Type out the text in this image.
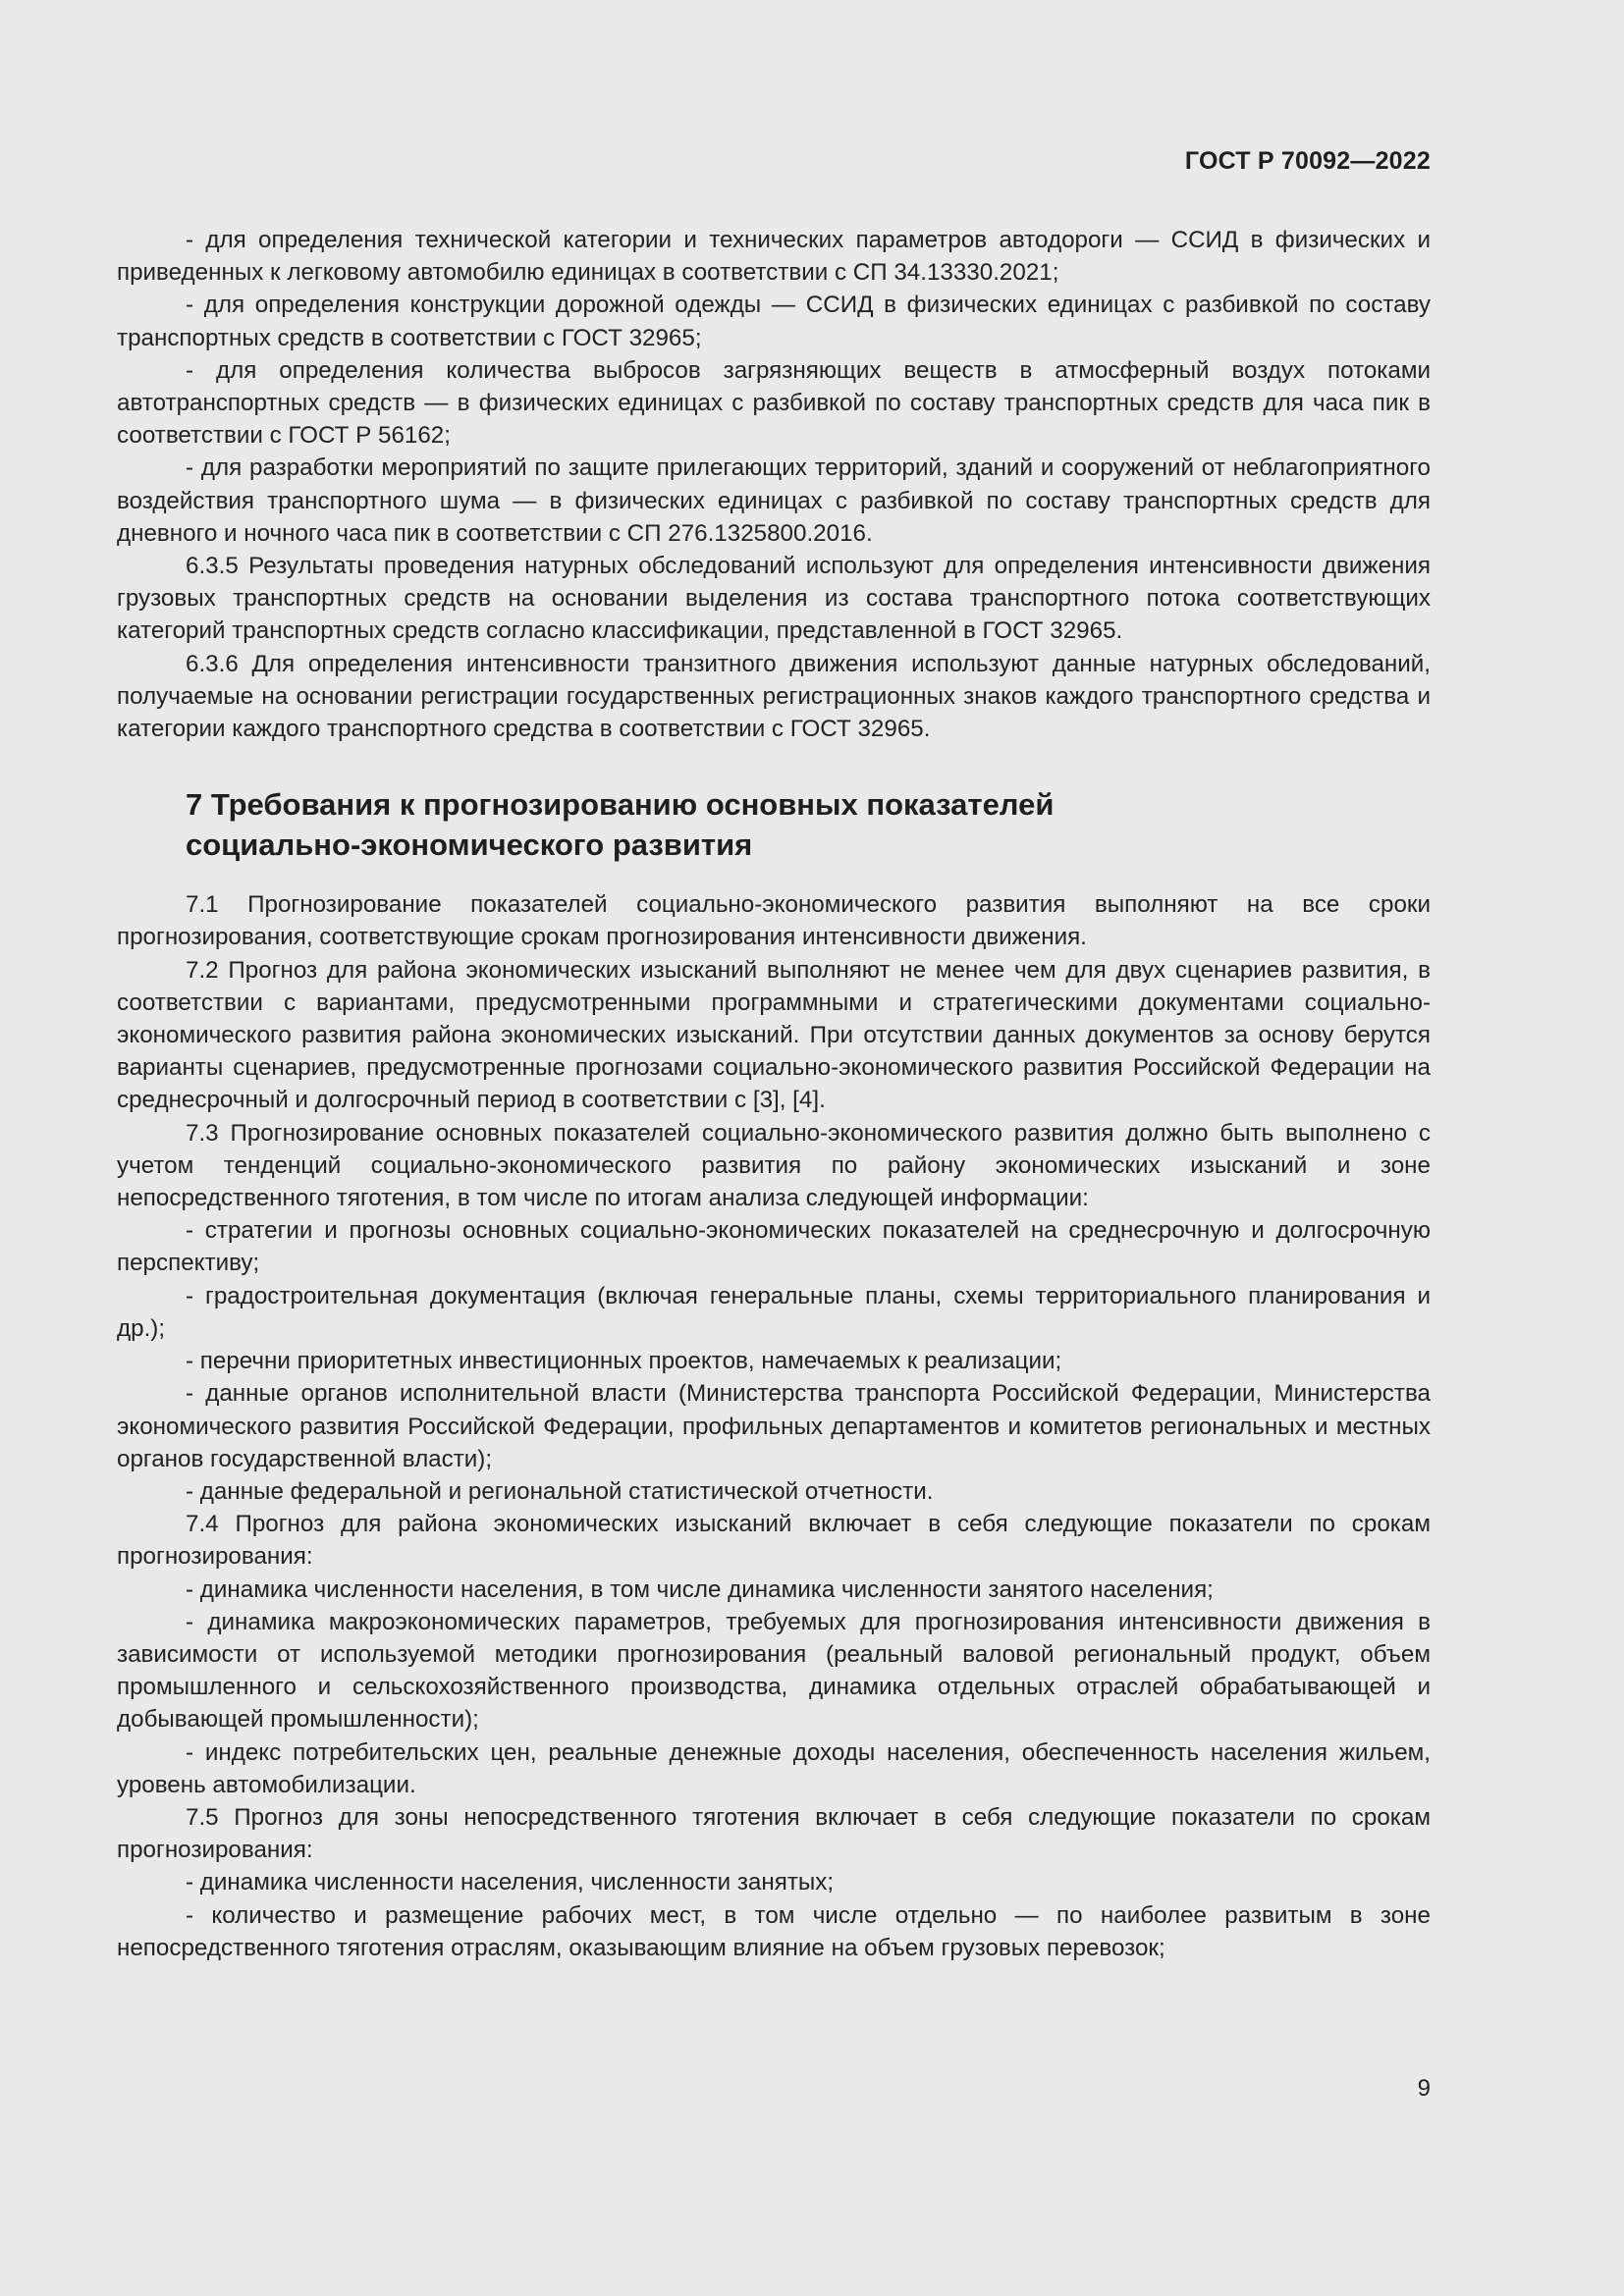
ГОСТ Р 70092—2022

- для определения технической категории и технических параметров автодороги — ССИД в физических и приведенных к легковому автомобилю единицах в соответствии с СП 34.13330.2021;

- для определения конструкции дорожной одежды — ССИД в физических единицах с разбивкой по составу транспортных средств в соответствии с ГОСТ 32965;

- для определения количества выбросов загрязняющих веществ в атмосферный воздух потоками автотранспортных средств — в физических единицах с разбивкой по составу транспортных средств для часа пик в соответствии с ГОСТ Р 56162;

- для разработки мероприятий по защите прилегающих территорий, зданий и сооружений от неблагоприятного воздействия транспортного шума — в физических единицах с разбивкой по составу транспортных средств для дневного и ночного часа пик в соответствии с СП 276.1325800.2016.

6.3.5 Результаты проведения натурных обследований используют для определения интенсивности движения грузовых транспортных средств на основании выделения из состава транспортного потока соответствующих категорий транспортных средств согласно классификации, представленной в ГОСТ 32965.

6.3.6 Для определения интенсивности транзитного движения используют данные натурных обследований, получаемые на основании регистрации государственных регистрационных знаков каждого транспортного средства и категории каждого транспортного средства в соответствии с ГОСТ 32965.

7 Требования к прогнозированию основных показателей
социально-экономического развития

7.1 Прогнозирование показателей социально-экономического развития выполняют на все сроки прогнозирования, соответствующие срокам прогнозирования интенсивности движения.

7.2 Прогноз для района экономических изысканий выполняют не менее чем для двух сценариев развития, в соответствии с вариантами, предусмотренными программными и стратегическими документами социально-экономического развития района экономических изысканий. При отсутствии данных документов за основу берутся варианты сценариев, предусмотренные прогнозами социально-экономического развития Российской Федерации на среднесрочный и долгосрочный период в соответствии с [3], [4].

7.3 Прогнозирование основных показателей социально-экономического развития должно быть выполнено с учетом тенденций социально-экономического развития по району экономических изысканий и зоне непосредственного тяготения, в том числе по итогам анализа следующей информации:

- стратегии и прогнозы основных социально-экономических показателей на среднесрочную и долгосрочную перспективу;

- градостроительная документация (включая генеральные планы, схемы территориального планирования и др.);

- перечни приоритетных инвестиционных проектов, намечаемых к реализации;

- данные органов исполнительной власти (Министерства транспорта Российской Федерации, Министерства экономического развития Российской Федерации, профильных департаментов и комитетов региональных и местных органов государственной власти);

- данные федеральной и региональной статистической отчетности.

7.4 Прогноз для района экономических изысканий включает в себя следующие показатели по срокам прогнозирования:

- динамика численности населения, в том числе динамика численности занятого населения;

- динамика макроэкономических параметров, требуемых для прогнозирования интенсивности движения в зависимости от используемой методики прогнозирования (реальный валовой региональный продукт, объем промышленного и сельскохозяйственного производства, динамика отдельных отраслей обрабатывающей и добывающей промышленности);

- индекс потребительских цен, реальные денежные доходы населения, обеспеченность населения жильем, уровень автомобилизации.

7.5 Прогноз для зоны непосредственного тяготения включает в себя следующие показатели по срокам прогнозирования:

- динамика численности населения, численности занятых;

- количество и размещение рабочих мест, в том числе отдельно — по наиболее развитым в зоне непосредственного тяготения отраслям, оказывающим влияние на объем грузовых перевозок;

9
